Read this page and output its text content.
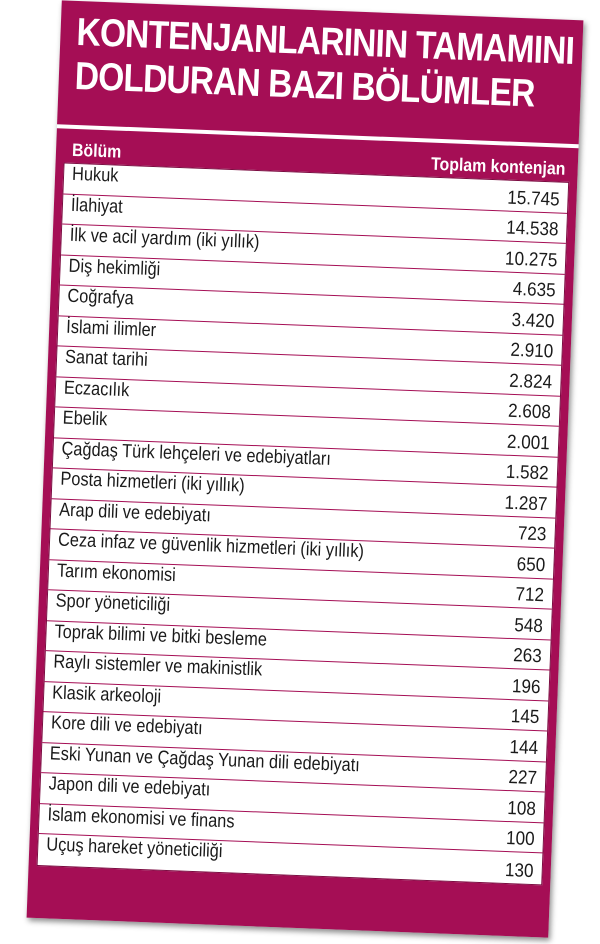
KONTENJANLARININ TAMAMINI
DOLDURAN BAZI BÖLÜMLER
Bölüm
Toplam kontenjan
Hukuk
15.745
İlahiyat
14.538
İlk ve acil yardım (iki yıllık)
10.275
Diş hekimliği
4.635
Coğrafya
3.420
İslami ilimler
2.910
Sanat tarihi
2.824
Eczacılık
2.608
Ebelik
2.001
Çağdaş Türk lehçeleri ve edebiyatları
1.582
Posta hizmetleri (iki yıllık)
1.287
Arap dili ve edebiyatı
723
Ceza infaz ve güvenlik hizmetleri (iki yıllık)
650
Tarım ekonomisi
712
Spor yöneticiliği
548
Toprak bilimi ve bitki besleme
263
Raylı sistemler ve makinistlik
196
Klasik arkeoloji
145
Kore dili ve edebiyatı
144
Eski Yunan ve Çağdaş Yunan dili edebiyatı
227
Japon dili ve edebiyatı
108
İslam ekonomisi ve finans
100
Uçuş hareket yöneticiliği
130
